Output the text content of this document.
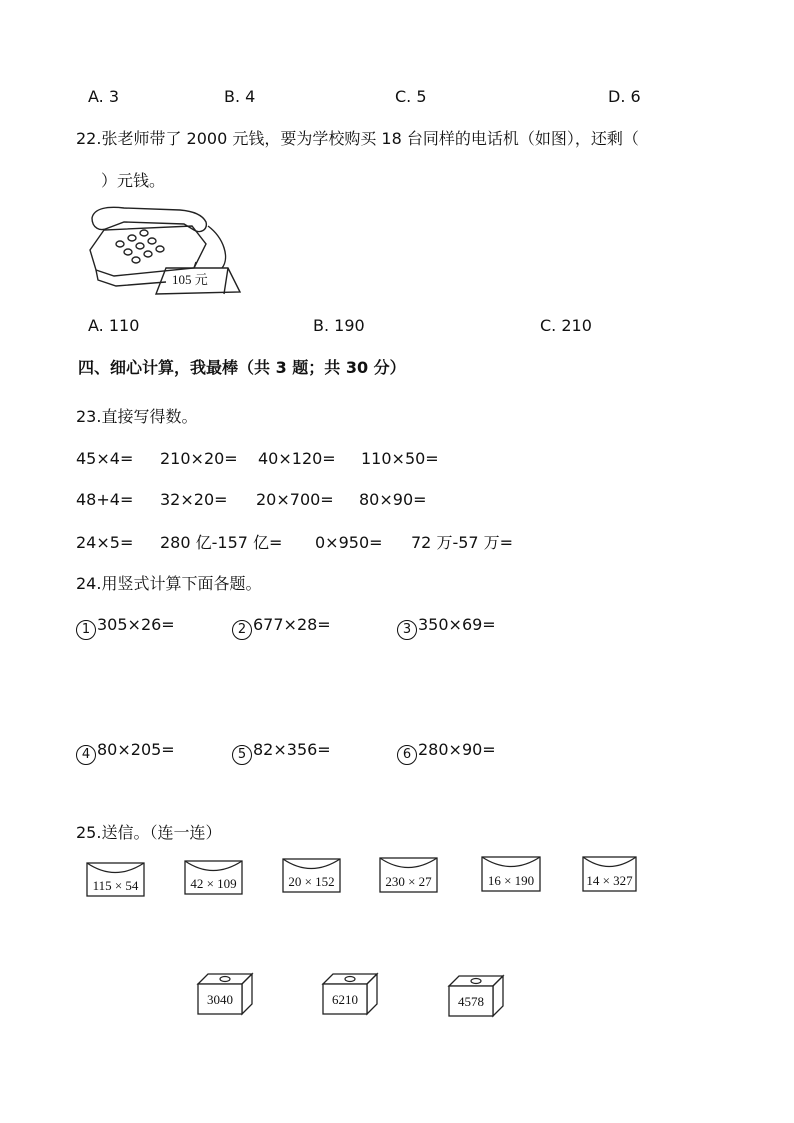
A. 3	B. 4	C. 5	D. 6
22.张老师带了 2000 元钱，要为学校购买 18 台同样的电话机（如图），还剩（
）元钱。
105 元
A. 110	B. 190	C. 210
四、细心计算，我最棒（共 3 题；共 30 分）
23.直接写得数。
45×4= 210×20= 40×120= 110×50=
48+4= 32×20= 20×700= 80×90=
24×5= 280 亿-157 亿= 0×950= 72 万-57 万=
24.用竖式计算下面各题。
1 305×26=	2 677×28=	3 350×69=
4 80×205=	5 82×356=	6 280×90=
25.送信。（连一连）
115 × 54	42 × 109	20 × 152	230 × 27	16 × 190	14 × 327
3040	6210	4578
